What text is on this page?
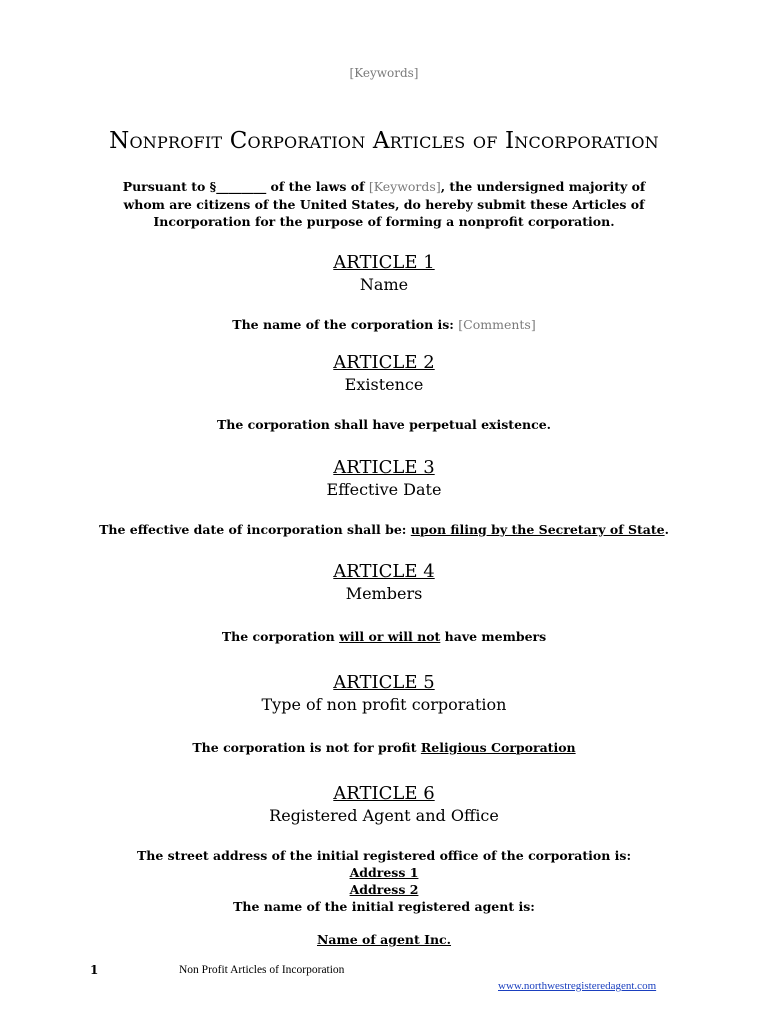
[Keywords]
Nonprofit Corporation Articles of Incorporation
Pursuant to §________ of the laws of [Keywords], the undersigned majority of whom are citizens of the United States, do hereby submit these Articles of Incorporation for the purpose of forming a nonprofit corporation.
ARTICLE 1
Name
The name of the corporation is: [Comments]
ARTICLE 2
Existence
The corporation shall have perpetual existence.
ARTICLE 3
Effective Date
The effective date of incorporation shall be: upon filing by the Secretary of State.
ARTICLE 4
Members
The corporation will or will not have members
ARTICLE 5
Type of non profit corporation
The corporation is not for profit Religious Corporation
ARTICLE 6
Registered Agent and Office
The street address of the initial registered office of the corporation is:
Address 1
Address 2
The name of the initial registered agent is:
Name of agent Inc.
1	Non Profit Articles of Incorporation
www.northwestregisteredagent.com
